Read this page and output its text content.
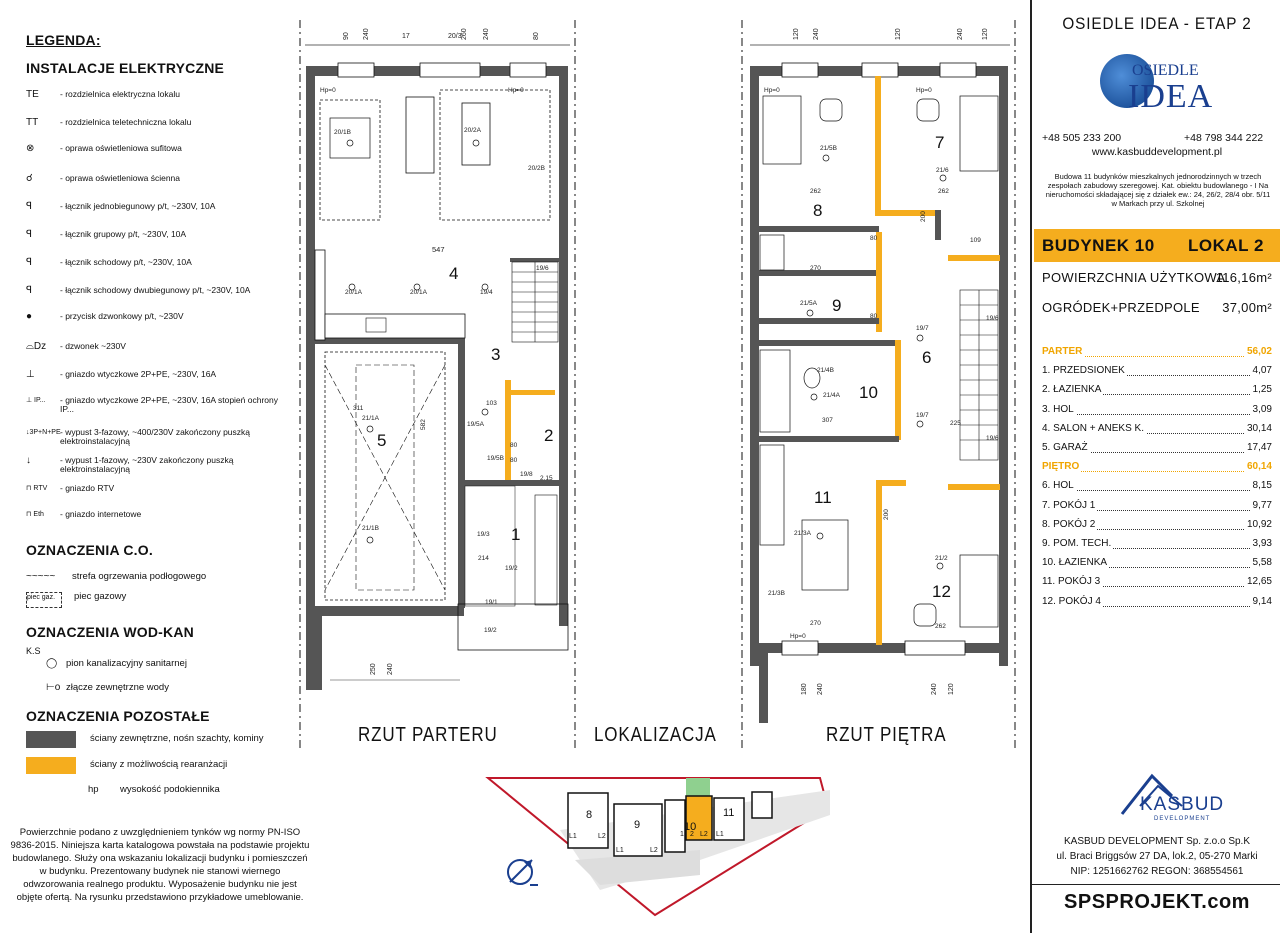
LEGENDA:
INSTALACJE ELEKTRYCZNE
TE	- rozdzielnica elektryczna lokalu
TT	- rozdzielnica teletechniczna lokalu
⊗	- oprawa oświetleniowa sufitowa
☌	- oprawa oświetleniowa ścienna
ꟼ	- łącznik jednobiegunowy p/t, ~230V, 10A
ꟼ	- łącznik grupowy p/t, ~230V, 10A
ꟼ	- łącznik schodowy p/t, ~230V, 10A
ꟼ	- łącznik schodowy dwubiegunowy p/t, ~230V, 10A
●	- przycisk dzwonkowy p/t, ~230V
⌓Dz	- dzwonek ~230V
⊥	- gniazdo wtyczkowe 2P+PE, ~230V, 16A
⊥ IP...	- gniazdo wtyczkowe 2P+PE, ~230V, 16A stopień ochrony IP...
↓3P+N+PE - wypust 3-fazowy, ~400/230V zakończony puszką elektroinstalacyjną
↓	- wypust 1-fazowy, ~230V zakończony puszką elektroinstalacyjną
⊓ RTV	- gniazdo RTV
⊓ Eth	- gniazdo internetowe
OZNACZENIA C.O.
~~~~~	strefa ogrzewania podłogowego
piec gaz.	piec gazowy
OZNACZENIA WOD-KAN
K.S
◯ pion kanalizacyjny sanitarnej
⊢o złącze zewnętrzne wody
OZNACZENIA POZOSTAŁE
ściany zewnętrzne, nośn szachty, kominy
ściany z możliwością rearanżacji
hp wysokość podokiennika
Powierzchnie podano z uwzględnieniem tynków wg normy PN-ISO 9836-2015. Niniejsza karta katalogowa powstała na podstawie projektu budowlanego. Służy ona wskazaniu lokalizacji budynku i pomieszczeń w budynku. Prezentowany budynek nie stanowi wiernego odwzorowania realnego produktu. Wyposażenie budynku nie jest objęte ofertą. Na rysunku przedstawiono przykładowe umeblowanie.
90 240	17	20/3 260 240	80
250 240
Hp=0	Hp=0
20/1B	20/2A
20/2B
547
20/1A	20/1A	19/4
19/6
311
21/1A
582
21/1B
214
19/3
19/5B
19/5A
103
19/2
19/1
19/2
80
80
19/8
2.15
1
2
3
4
5
120 240	120	240	120
Hp=0	Hp=0
21/5B
21/6
262	262
21/5A
109
21/4B
21/4A
307
21/3A
21/3B
21/2
270
Hp=0
270
262
200
80
80
200
19/7
19/7
19/6
19/6
225
6
7
8
9
10
11
12
180 240	240 120
8
9	10
11
L1	L2	1 2
L1	L2
L1
L2
RZUT PARTERU	LOKALIZACJA	RZUT PIĘTRA
OSIEDLE IDEA - ETAP 2
OSIEDLE
IDEA
+48 505 233 200	+48 798 344 222
www.kasbuddevelopment.pl
Budowa 11 budynków mieszkalnych jednorodzinnych w trzech zespołach zabudowy szeregowej. Kat. obiektu budowlanego - I Na nieruchomości składającej się z działek ew.: 24, 26/2, 28/4 obr. 5/11 w Markach przy ul. Szkolnej
BUDYNEK 10 LOKAL 2
POWIERZCHNIA UŻYTKOWA
116,16m²
OGRÓDEK+PRZEDPOLE 37,00m²
PARTER	56,02
1. PRZEDSIONEK	4,07
2. ŁAZIENKA	1,25
3. HOL	3,09
4. SALON + ANEKS K.	30,14
5. GARAŻ	17,47
PIĘTRO	60,14
6. HOL	8,15
7. POKÓJ 1	9,77
8. POKÓJ 2	10,92
9. POM. TECH.	3,93
10. ŁAZIENKA	5,58
11. POKÓJ 3	12,65
12. POKÓJ 4	9,14
KASBUD
DEVELOPMENT
KASBUD DEVELOPMENT Sp. z.o.o Sp.K
ul. Braci Briggsów 27 DA, lok.2, 05-270 Marki
NIP: 1251662762 REGON: 368554561
SPSPROJEKT.com
